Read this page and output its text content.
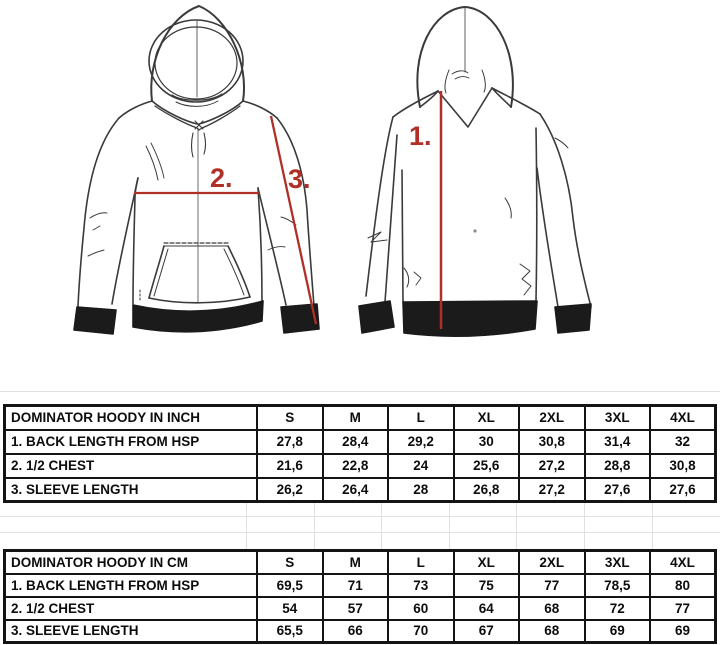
1.
2. 3.
DOMINATOR HOODY IN INCH	S	M	L	XL	2XL	3XL	4XL
1. BACK LENGTH FROM HSP	27,8	28,4	29,2	30	30,8	31,4	32
2. 1/2 CHEST	21,6	22,8	24	25,6	27,2	28,8	30,8
3. SLEEVE LENGTH	26,2	26,4	28	26,8	27,2	27,6	27,6
DOMINATOR HOODY IN CM	S	M	L	XL	2XL	3XL	4XL
1. BACK LENGTH FROM HSP	69,5	71	73	75	77	78,5	80
2. 1/2 CHEST	54	57	60	64	68	72	77
3. SLEEVE LENGTH	65,5	66	70	67	68	69	69
